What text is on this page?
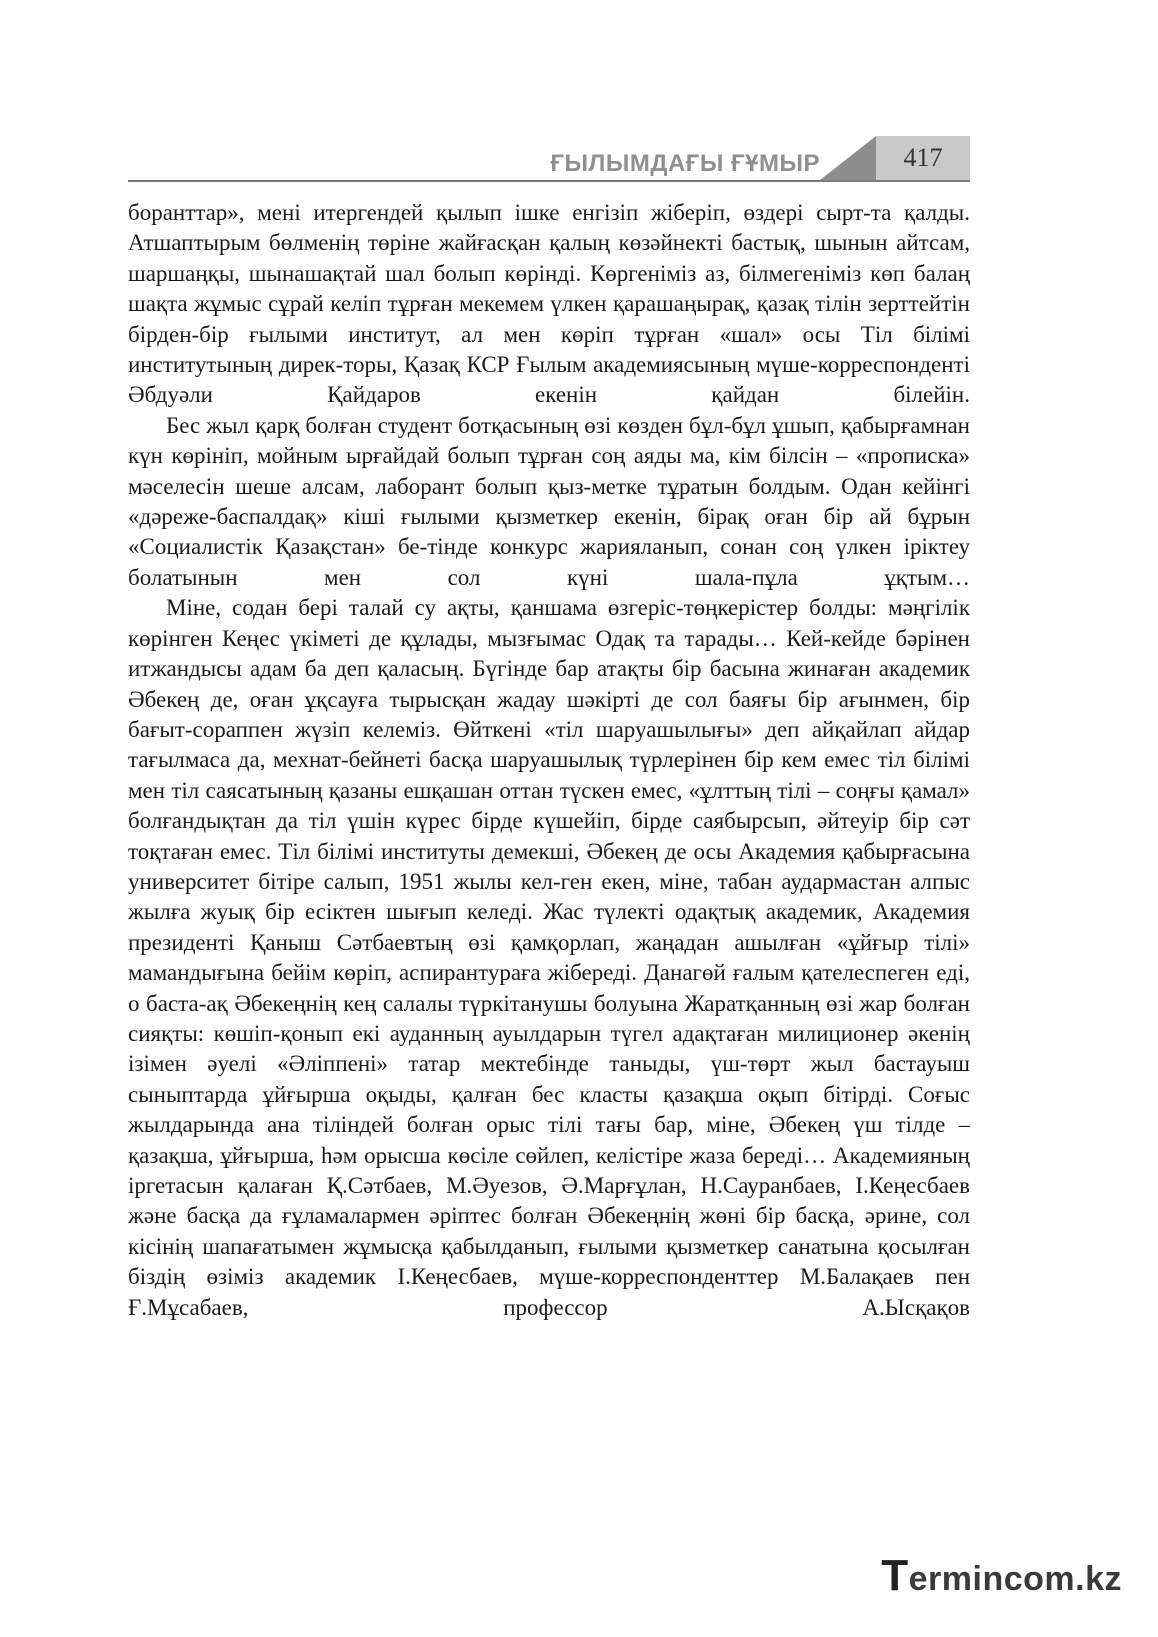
ҒЫЛЫМДАҒЫ ҒҰМЫР	417

боранттар», мені итергендей қылып ішке енгізіп жіберіп, өздері сырт-та қалды. Атшаптырым бөлменің төріне жайғасқан қалың көзәйнекті бастық, шынын айтсам, шаршаңқы, шынашақтай шал болып көрінді. Көргеніміз аз, білмегеніміз көп балаң шақта жұмыс сұрай келіп тұрған мекемем үлкен қарашаңырақ, қазақ тілін зерттейтін бірден-бір ғылыми институт, ал мен көріп тұрған «шал» осы Тіл білімі институтының дирек-торы, Қазақ КСР Ғылым академиясының мүше-корреспонденті Әбдуәли Қайдаров екенін қайдан білейін.

Бес жыл қарқ болған студент ботқасының өзі көзден бұл-бұл ұшып, қабырғамнан күн көрініп, мойным ырғайдай болып тұрған соң аяды ма, кім білсін – «прописка» мәселесін шеше алсам, лаборант болып қыз-метке тұратын болдым. Одан кейінгі «дәреже-баспалдақ» кіші ғылыми қызметкер екенін, бірақ оған бір ай бұрын «Социалистік Қазақстан» бе-тінде конкурс жарияланып, сонан соң үлкен іріктеу болатынын мен сол күні шала-пұла ұқтым…

Міне, содан бері талай су ақты, қаншама өзгеріс-төңкерістер болды: мәңгілік көрінген Кеңес үкіметі де құлады, мызғымас Одақ та тарады… Кей-кейде бәрінен итжандысы адам ба деп қаласың. Бүгінде бар атақты бір басына жинаған академик Әбекең де, оған ұқсауға тырысқан жадау шәкірті де сол баяғы бір ағынмен, бір бағыт-сораппен жүзіп келеміз. Өйткені «тіл шаруашылығы» деп айқайлап айдар тағылмаса да, мехнат-бейнеті басқа шаруашылық түрлерінен бір кем емес тіл білімі мен тіл саясатының қазаны ешқашан оттан түскен емес, «ұлттың тілі – соңғы қамал» болғандықтан да тіл үшін күрес бірде күшейіп, бірде саябырсып, әйтеуір бір сәт тоқтаған емес. Тіл білімі институты демекші, Әбекең де осы Академия қабырғасына университет бітіре салып, 1951 жылы кел-ген екен, міне, табан аудармастан алпыс жылға жуық бір есіктен шығып келеді. Жас түлекті одақтық академик, Академия президенті Қаныш Сәтбаевтың өзі қамқорлап, жаңадан ашылған «ұйғыр тілі» мамандығына бейім көріп, аспирантураға жібереді. Данагөй ғалым қателеспеген еді, о баста-ақ Әбекеңнің кең салалы түркітанушы болуына Жаратқанның өзі жар болған сияқты: көшіп-қонып екі ауданның ауылдарын түгел адақтаған милиционер әкенің ізімен әуелі «Әліппені» татар мектебінде таныды, үш-төрт жыл бастауыш сыныптарда ұйғырша оқыды, қалған бес класты қазақша оқып бітірді. Соғыс жылдарында ана тіліндей болған орыс тілі тағы бар, міне, Әбекең үш тілде – қазақша, ұйғырша, һәм орысша көсіле сөйлеп, келістіре жаза береді… Академияның іргетасын қалаған Қ.Сәтбаев, М.Әуезов, Ә.Марғұлан, Н.Сауранбаев, І.Кеңесбаев және басқа да ғұламалармен әріптес болған Әбекеңнің жөні бір басқа, әрине, сол кісінің шапағатымен жұмысқа қабылданып, ғылыми қызметкер санатына қосылған біздің өзіміз академик І.Кеңесбаев, мүше-корреспонденттер М.Балақаев пен Ғ.Мұсабаев, профессор А.Ысқақов

Termincom.kz
